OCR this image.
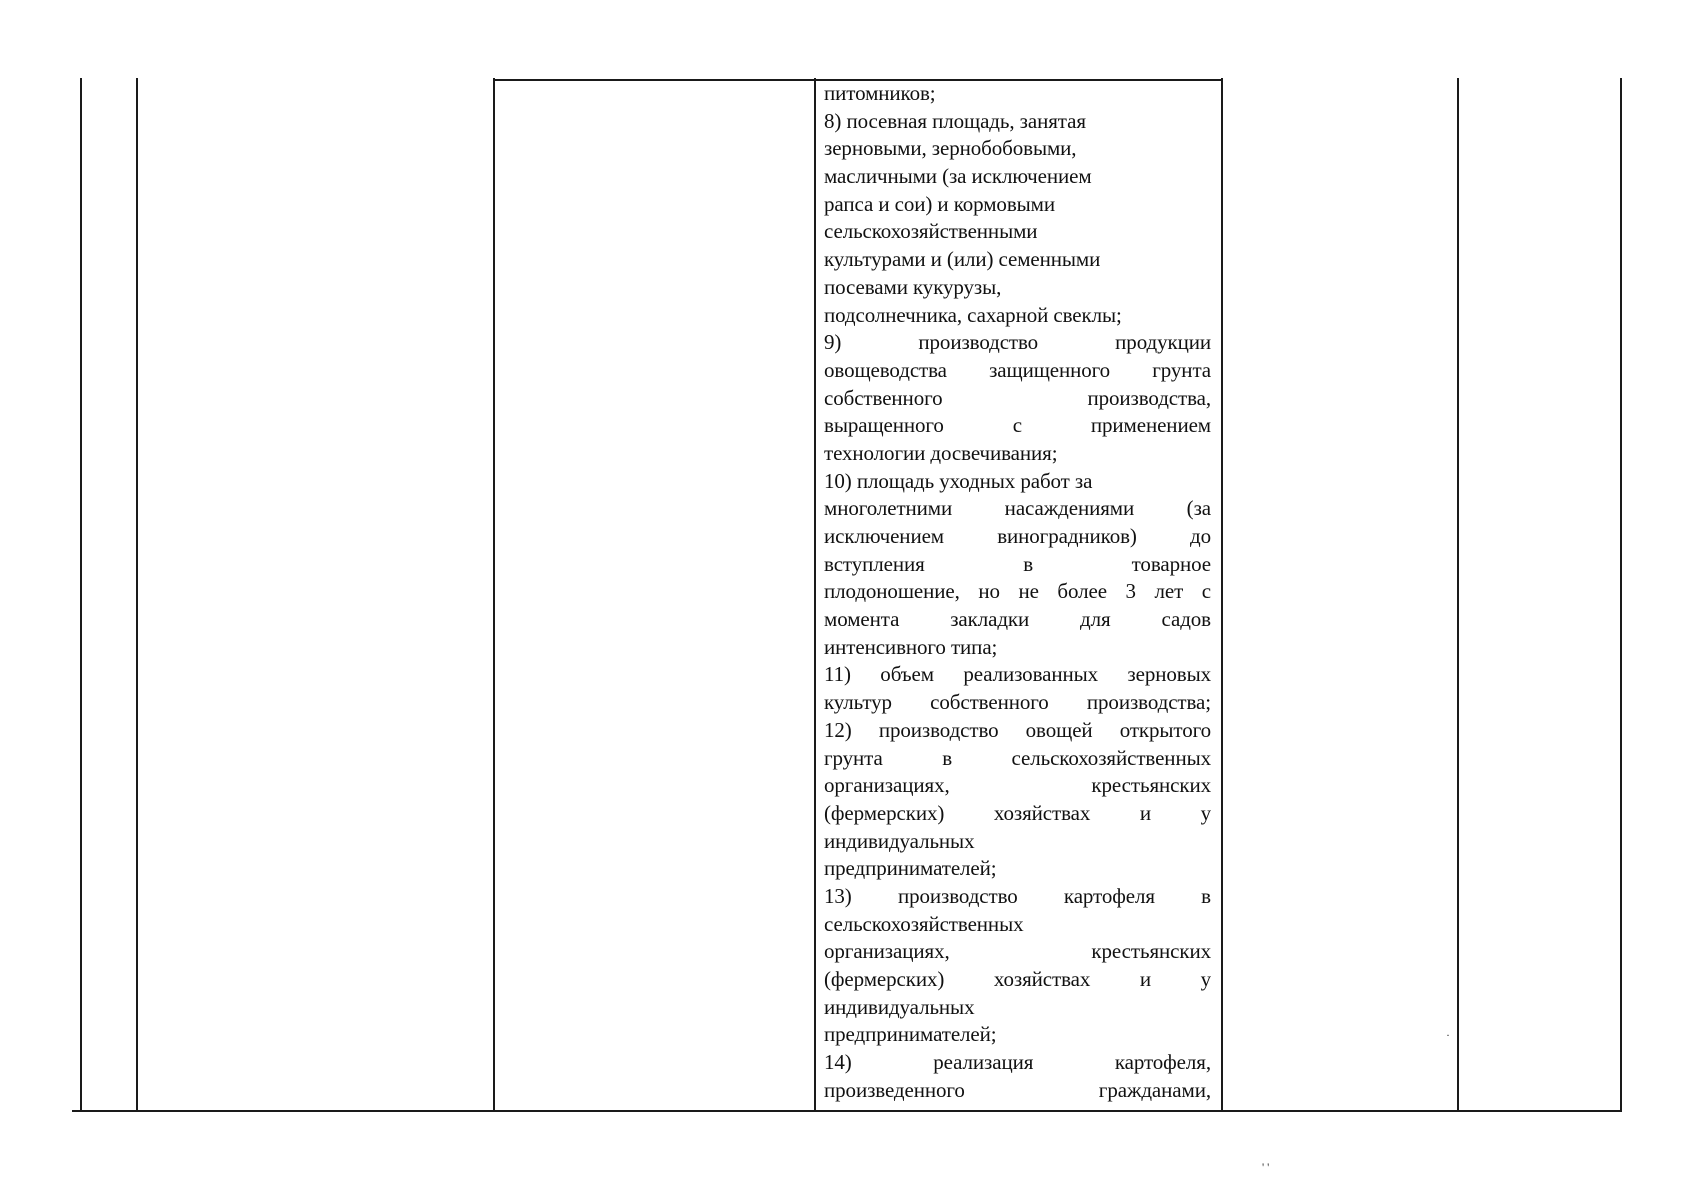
питомников;
8) посевная площадь, занятая
зерновыми, зернобобовыми,
масличными (за исключением
рапса и сои) и кормовыми
сельскохозяйственными
культурами и (или) семенными
посевами кукурузы,
подсолнечника, сахарной свеклы;
9) производство продукции
овощеводства защищенного грунта
собственного производства,
выращенного с применением
технологии досвечивания;
10) площадь уходных работ за
многолетними насаждениями (за
исключением виноградников) до
вступления в товарное
плодоношение, но не более 3 лет с
момента закладки для садов
интенсивного типа;
11) объем реализованных зерновых
культур собственного производства;
12) производство овощей открытого
грунта в сельскохозяйственных
организациях, крестьянских
(фермерских) хозяйствах и у
индивидуальных
предпринимателей;
13) производство картофеля в
сельскохозяйственных
организациях, крестьянских
(фермерских) хозяйствах и у
индивидуальных
предпринимателей;
14) реализация картофеля,
произведенного гражданами,
·
' '
